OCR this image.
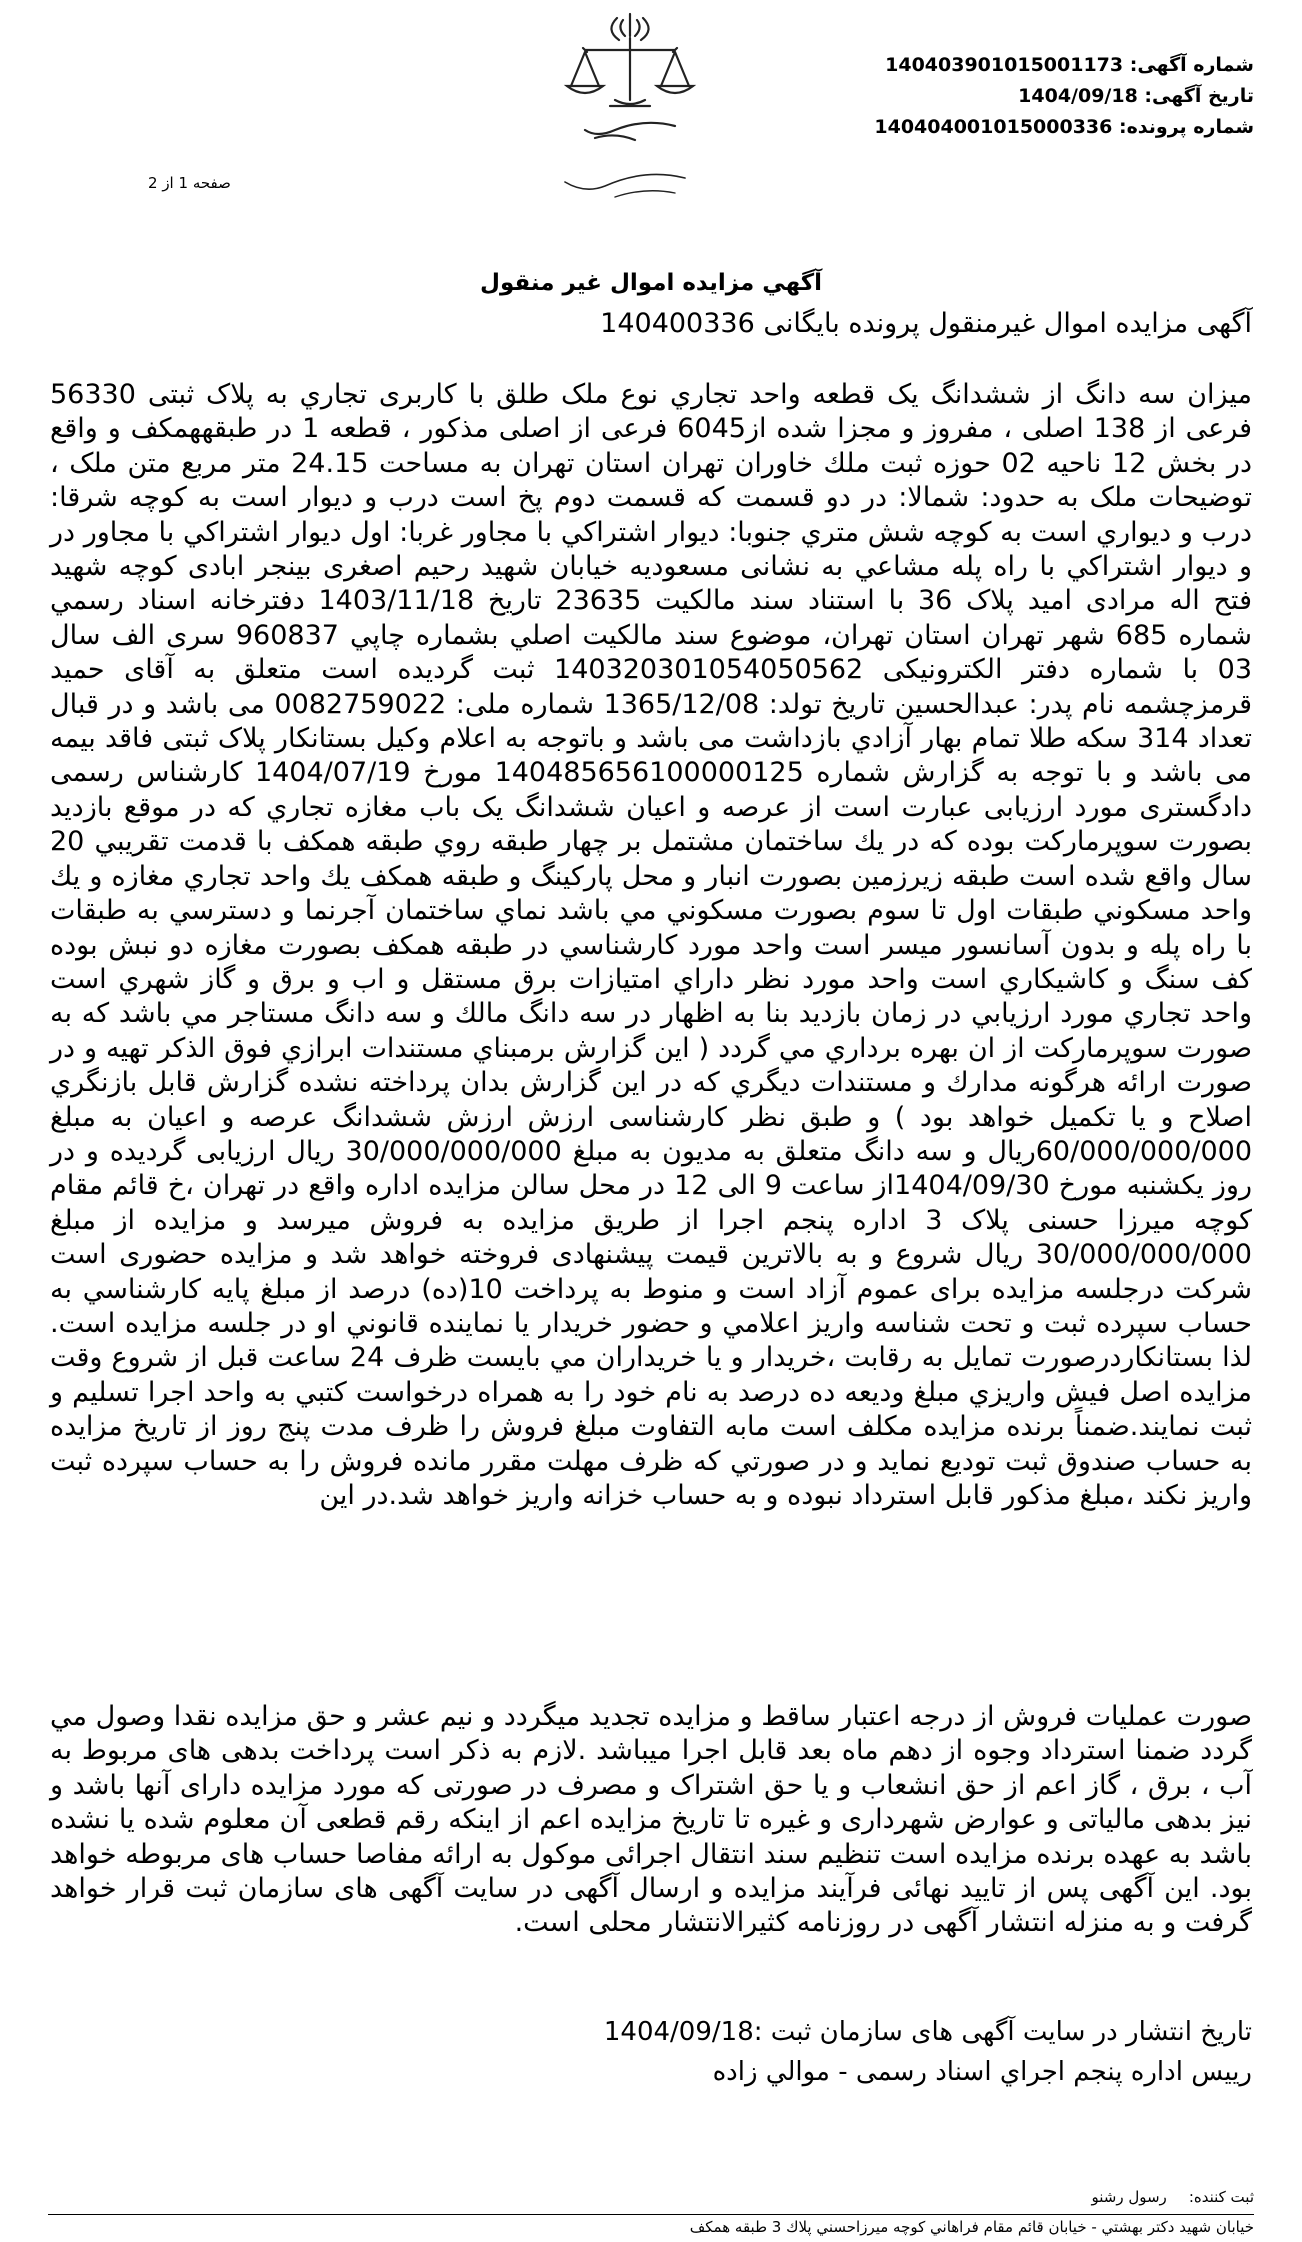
شماره آگهی: 140403901015001173
تاریخ آگهی: 1404/09/18
شماره پرونده: 140404001015000336
صفحه 1 از 2
آگهي مزايده اموال غير منقول
آگهی مزایده اموال غیرمنقول پرونده بایگانی 140400336
میزان سه دانگ از ششدانگ یک قطعه واحد تجاري نوع ملک طلق با کاربری تجاري به پلاک ثبتی 56330 فرعی از 138 اصلی ، مفروز و مجزا شده از6045 فرعی از اصلی مذکور ، قطعه 1 در طبقههمکف و واقع در بخش 12 ناحیه 02 حوزه ثبت ملك خاوران تهران استان تهران به مساحت 24.15 متر مربع متن ملک ، توضیحات ملک به حدود: شمالا: در دو قسمت که قسمت دوم پخ است درب و ديوار است به کوچه شرقا: درب و ديواري است به کوچه شش متري جنوبا: ديوار اشتراکي با مجاور غربا: اول ديوار اشتراکي با مجاور در و ديوار اشتراکي با راه پله مشاعي به نشانی مسعودیه خیابان شهید رحیم اصغری بینجر ابادی کوچه شهید فتح اله مرادی امید پلاک 36 با استناد سند مالکیت 23635 تاریخ 1403/11/18 دفترخانه اسناد رسمي شماره 685 شهر تهران استان تهران، موضوع سند مالكيت اصلي بشماره چاپي 960837 سری الف سال 03 با شماره دفتر الکترونیکی 140320301054050562 ثبت گرديده است متعلق به آقای حمید قرمزچشمه نام پدر: عبدالحسین تاریخ تولد: 1365/12/08 شماره ملی: 0082759022 می باشد و در قبال تعداد 314 سکه طلا تمام بهار آزادي بازداشت می باشد و باتوجه به اعلام وکیل بستانکار پلاک ثبتی فاقد بیمه می باشد و با توجه به گزارش شماره 140485656100000125 مورخ 1404/07/19 کارشناس رسمی دادگستری مورد ارزیابی عبارت است از عرصه و اعیان ششدانگ یک باب مغازه تجاري كه در موقع بازديد بصورت سوپرماركت بوده كه در يك ساختمان مشتمل بر چهار طبقه روي طبقه همكف با قدمت تقريبي 20 سال واقع شده است طبقه زيرزمين بصورت انبار و محل پاركينگ و طبقه همكف يك واحد تجاري مغازه و يك واحد مسكوني طبقات اول تا سوم بصورت مسكوني مي باشد نماي ساختمان آجرنما و دسترسي به طبقات با راه پله و بدون آسانسور ميسر است واحد مورد كارشناسي در طبقه همكف بصورت مغازه دو نبش بوده كف سنگ و كاشيكاري است واحد مورد نظر داراي امتيازات برق مستقل و اب و برق و گاز شهري است واحد تجاري مورد ارزيابي در زمان بازديد بنا به اظهار در سه دانگ مالك و سه دانگ مستاجر مي باشد كه به صورت سوپرماركت از ان بهره برداري مي گردد ( اين گزارش برمبناي مستندات ابرازي فوق الذكر تهيه و در صورت ارائه هرگونه مدارك و مستندات ديگري كه در اين گزارش بدان پرداخته نشده گزارش قابل بازنگري اصلاح و يا تكميل خواهد بود ) و طبق نظر کارشناسی ارزش ارزش ششدانگ عرصه و اعیان به مبلغ 60/000/000/000ریال و سه دانگ متعلق به مدیون به مبلغ 30/000/000/000 ریال ارزیابی گردیده و در روز یکشنبه مورخ 1404/09/30از ساعت 9 الی 12 در محل سالن مزایده اداره واقع در تهران ،خ قائم مقام کوچه میرزا حسنی پلاک 3 اداره پنجم اجرا از طریق مزایده به فروش میرسد و مزایده از مبلغ 30/000/000/000 ریال شروع و به بالاترین قیمت پیشنهادی فروخته خواهد شد و مزایده حضوری است شرکت درجلسه مزایده برای عموم آزاد است و منوط به پرداخت 10(ده) درصد از مبلغ پایه كارشناسي به حساب سپرده ثبت و تحت شناسه واريز اعلامي و حضور خريدار يا نماينده قانوني او در جلسه مزايده است. لذا بستانكاردرصورت تمايل به رقابت ،خريدار و يا خريداران مي بايست ظرف 24 ساعت قبل از شروع وقت مزايده اصل فيش واريزي مبلغ وديعه ده درصد به نام خود را به همراه درخواست كتبي به واحد اجرا تسليم و ثبت نمايند.ضمناً برنده مزايده مكلف است مابه التفاوت مبلغ فروش را ظرف مدت پنج روز از تاريخ مزايده به حساب صندوق ثبت توديع نمايد و در صورتي كه ظرف مهلت مقرر مانده فروش را به حساب سپرده ثبت واريز نكند ،مبلغ مذكور قابل استرداد نبوده و به حساب خزانه واريز خواهد شد.در اين
صورت عمليات فروش از درجه اعتبار ساقط و مزايده تجديد ميگردد و نيم عشر و حق مزايده نقدا وصول مي گردد ضمنا استرداد وجوه از دهم ماه بعد قابل اجرا میباشد .لازم به ذکر است پرداخت بدهی های مربوط به آب ، برق ، گاز اعم از حق انشعاب و یا حق اشتراک و مصرف در صورتی که مورد مزایده دارای آنها باشد و نیز بدهی مالیاتی و عوارض شهرداری و غیره تا تاریخ مزایده اعم از اینکه رقم قطعی آن معلوم شده یا نشده باشد به عهده برنده مزایده است تنظیم سند انتقال اجرائی موکول به ارائه مفاصا حساب های مربوطه خواهد بود. این آگهی پس از تایید نهائی فرآیند مزایده و ارسال آگهی در سایت آگهی های سازمان ثبت قرار خواهد گرفت و به منزله انتشار آگهی در روزنامه کثیرالانتشار محلی است.
تاريخ انتشار در سایت آگهی های سازمان ثبت :1404/09/18
رييس اداره پنجم اجراي اسناد رسمی - موالي زاده
ثبت كننده:رسول رشنو
خيابان شهيد دكتر بهشتي - خيابان قائم مقام فراهاني كوچه ميرزاحسني پلاك 3 طبقه همكف
